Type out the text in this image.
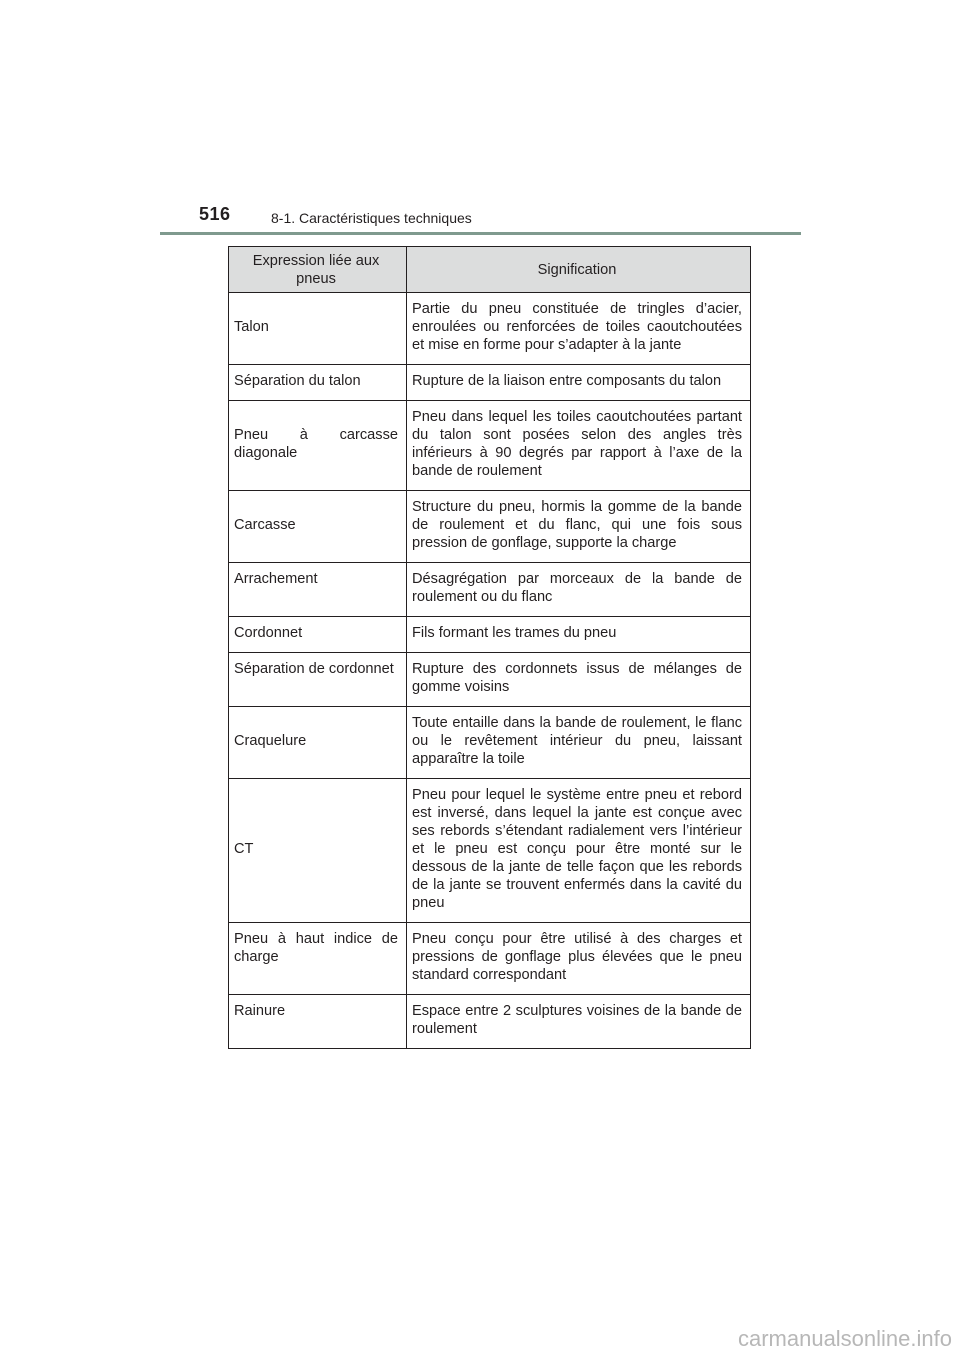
516	8-1. Caractéristiques techniques
Expression liée aux pneus	Signification
Talon	Partie du pneu constituée de tringles d’acier, enroulées ou renforcées de toiles caoutchoutées et mise en forme pour s’adapter à la jante
Séparation du talon	Rupture de la liaison entre composants du talon
Pneu à carcasse diagonale	Pneu dans lequel les toiles caoutchoutées partant du talon sont posées selon des angles très inférieurs à 90 degrés par rapport à l’axe de la bande de roulement
Carcasse	Structure du pneu, hormis la gomme de la bande de roulement et du flanc, qui une fois sous pression de gonflage, supporte la charge
Arrachement	Désagrégation par morceaux de la bande de roulement ou du flanc
Cordonnet	Fils formant les trames du pneu
Séparation de cordonnet	Rupture des cordonnets issus de mélanges de gomme voisins
Craquelure	Toute entaille dans la bande de roulement, le flanc ou le revêtement intérieur du pneu, laissant apparaître la toile
CT	Pneu pour lequel le système entre pneu et rebord est inversé, dans lequel la jante est conçue avec ses rebords s’étendant radialement vers l’intérieur et le pneu est conçu pour être monté sur le dessous de la jante de telle façon que les rebords de la jante se trouvent enfermés dans la cavité du pneu
Pneu à haut indice de charge	Pneu conçu pour être utilisé à des charges et pressions de gonflage plus élevées que le pneu standard correspondant
Rainure	Espace entre 2 sculptures voisines de la bande de roulement
carmanualsonline.info
